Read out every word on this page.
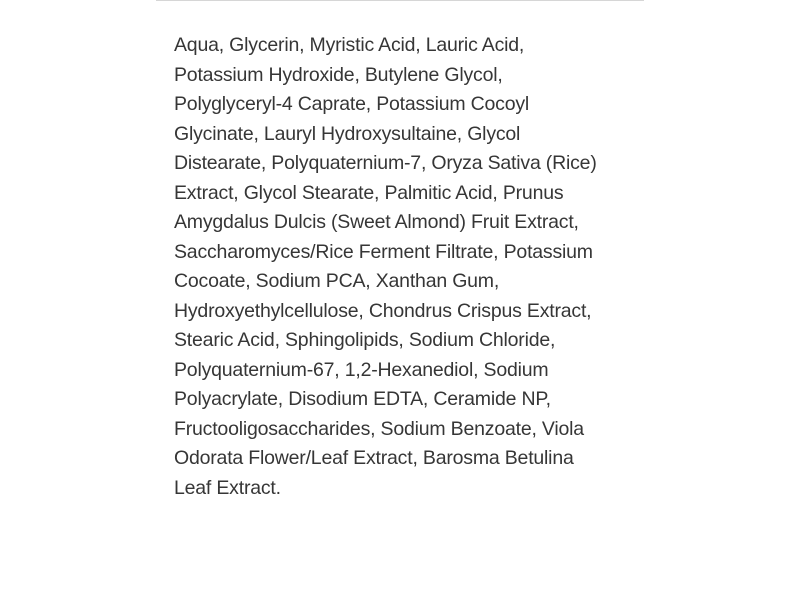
Aqua, Glycerin, Myristic Acid, Lauric Acid,
Potassium Hydroxide, Butylene Glycol,
Polyglyceryl-4 Caprate, Potassium Cocoyl
Glycinate, Lauryl Hydroxysultaine, Glycol
Distearate, Polyquaternium-7, Oryza Sativa (Rice)
Extract, Glycol Stearate, Palmitic Acid, Prunus
Amygdalus Dulcis (Sweet Almond) Fruit Extract,
Saccharomyces/Rice Ferment Filtrate, Potassium
Cocoate, Sodium PCA, Xanthan Gum,
Hydroxyethylcellulose, Chondrus Crispus Extract,
Stearic Acid, Sphingolipids, Sodium Chloride,
Polyquaternium-67, 1,2-Hexanediol, Sodium
Polyacrylate, Disodium EDTA, Ceramide NP,
Fructooligosaccharides, Sodium Benzoate, Viola
Odorata Flower/Leaf Extract, Barosma Betulina
Leaf Extract.
